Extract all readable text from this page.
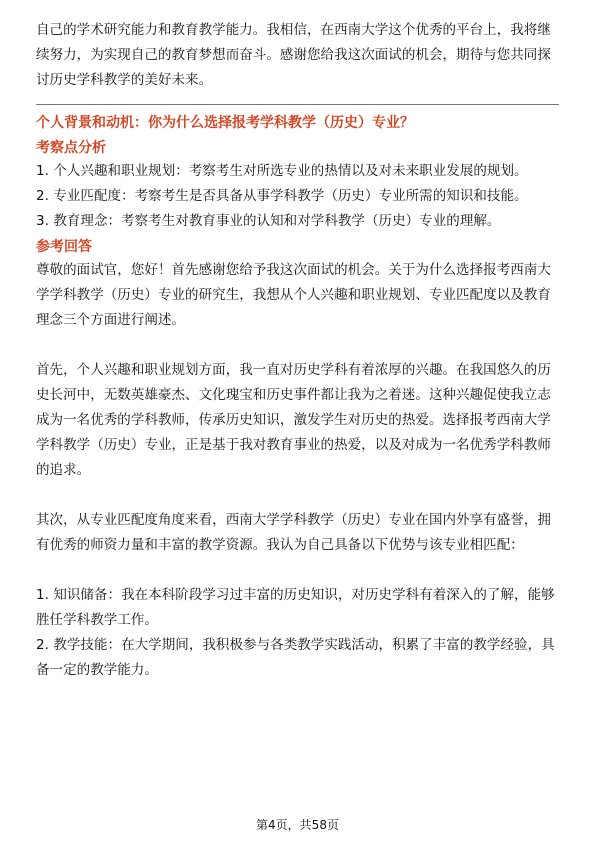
自己的学术研究能力和教育教学能力。我相信，在西南大学这个优秀的平台上，我将继续努力，为实现自己的教育梦想而奋斗。感谢您给我这次面试的机会，期待与您共同探讨历史学科教学的美好未来。

个人背景和动机：你为什么选择报考学科教学（历史）专业？
考察点分析

1. 个人兴趣和职业规划：考察考生对所选专业的热情以及对未来职业发展的规划。

2. 专业匹配度：考察考生是否具备从事学科教学（历史）专业所需的知识和技能。

3. 教育理念：考察考生对教育事业的认知和对学科教学（历史）专业的理解。

参考回答

尊敬的面试官，您好！首先感谢您给予我这次面试的机会。关于为什么选择报考西南大学学科教学（历史）专业的研究生，我想从个人兴趣和职业规划、专业匹配度以及教育理念三个方面进行阐述。

首先，个人兴趣和职业规划方面，我一直对历史学科有着浓厚的兴趣。在我国悠久的历史长河中，无数英雄豪杰、文化瑰宝和历史事件都让我为之着迷。这种兴趣促使我立志成为一名优秀的学科教师，传承历史知识，激发学生对历史的热爱。选择报考西南大学学科教学（历史）专业，正是基于我对教育事业的热爱，以及对成为一名优秀学科教师的追求。

其次，从专业匹配度角度来看，西南大学学科教学（历史）专业在国内外享有盛誉，拥有优秀的师资力量和丰富的教学资源。我认为自己具备以下优势与该专业相匹配：

1. 知识储备：我在本科阶段学习过丰富的历史知识，对历史学科有着深入的了解，能够胜任学科教学工作。

2. 教学技能：在大学期间，我积极参与各类教学实践活动，积累了丰富的教学经验，具备一定的教学能力。

第4页，共58页
